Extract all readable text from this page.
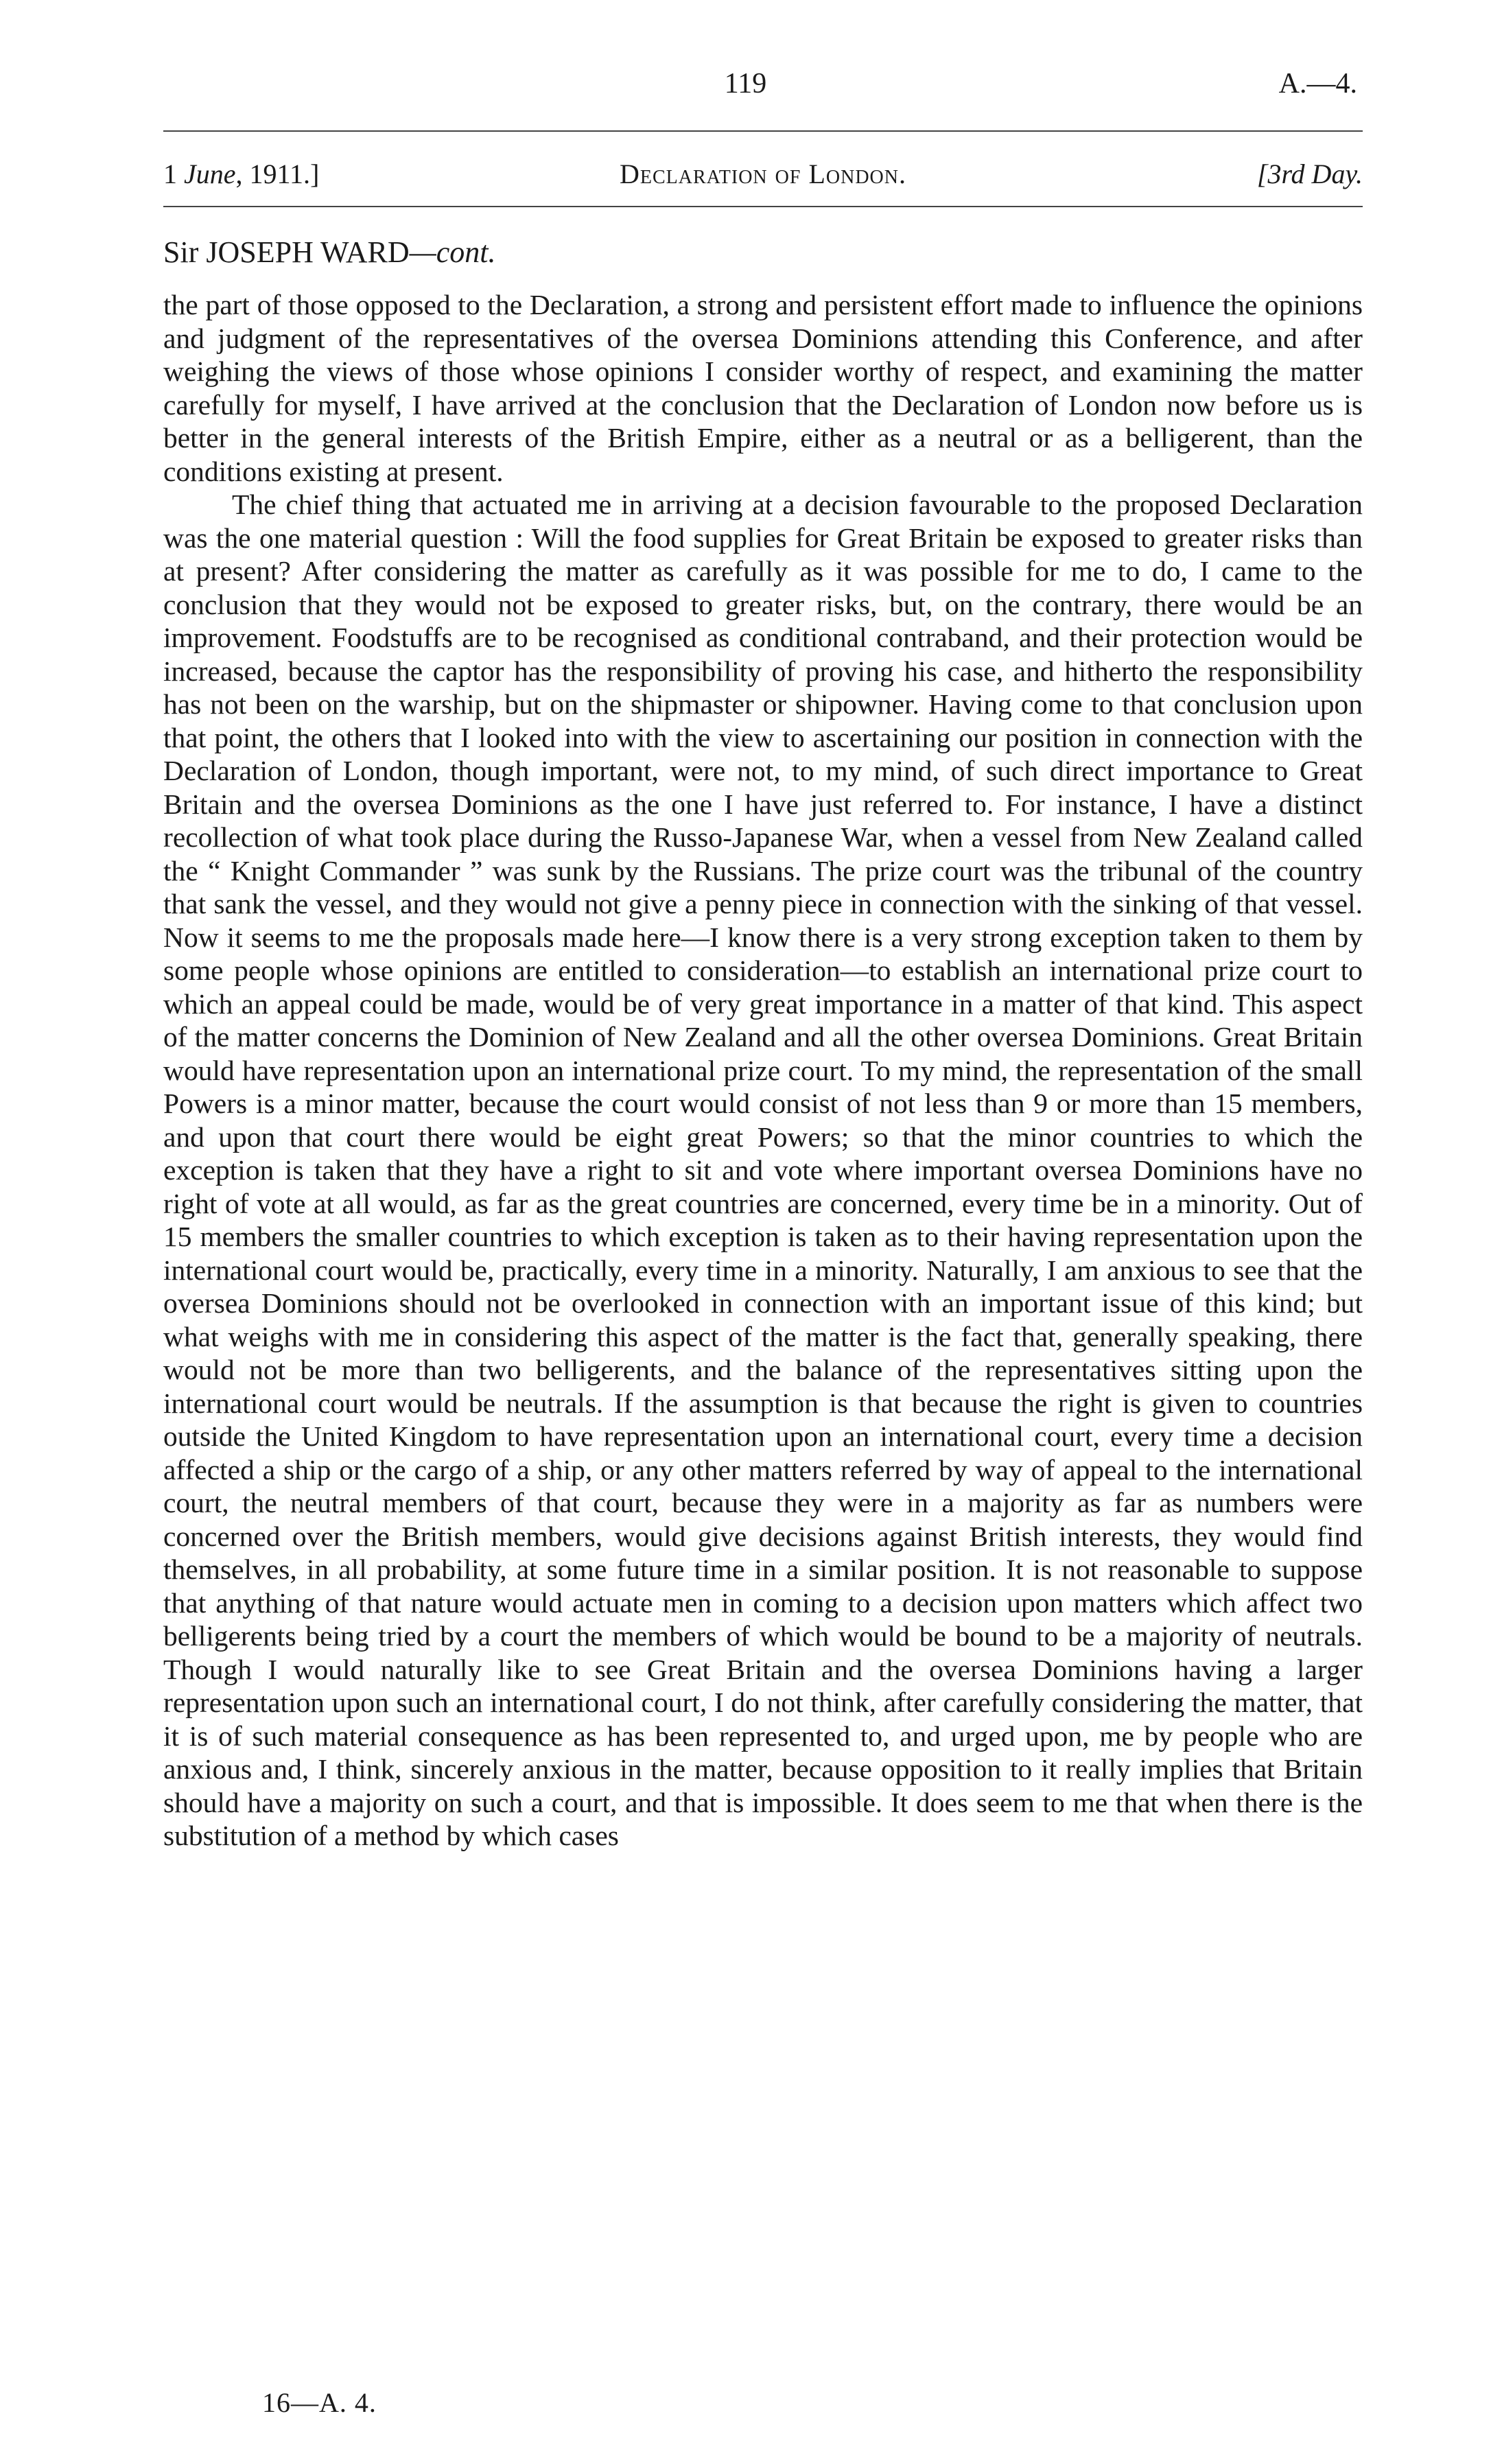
119	A.—4.
1 June, 1911.]	Declaration of London.	[3rd Day.
Sir JOSEPH WARD—cont.

the part of those opposed to the Declaration, a strong and persistent effort made to influence the opinions and judgment of the representatives of the oversea Dominions attending this Conference, and after weighing the views of those whose opinions I consider worthy of respect, and examining the matter carefully for myself, I have arrived at the conclusion that the Declaration of London now before us is better in the general interests of the British Empire, either as a neutral or as a belligerent, than the conditions existing at present.

The chief thing that actuated me in arriving at a decision favourable to the proposed Declaration was the one material question : Will the food supplies for Great Britain be exposed to greater risks than at present? After considering the matter as carefully as it was possible for me to do, I came to the conclusion that they would not be exposed to greater risks, but, on the contrary, there would be an improvement. Foodstuffs are to be recognised as conditional contraband, and their protection would be increased, because the captor has the responsibility of proving his case, and hitherto the responsibility has not been on the warship, but on the shipmaster or shipowner. Having come to that conclusion upon that point, the others that I looked into with the view to ascertaining our position in connection with the Declaration of London, though important, were not, to my mind, of such direct importance to Great Britain and the oversea Dominions as the one I have just referred to. For instance, I have a distinct recollection of what took place during the Russo-Japanese War, when a vessel from New Zealand called the “ Knight Commander ” was sunk by the Russians. The prize court was the tribunal of the country that sank the vessel, and they would not give a penny piece in connection with the sinking of that vessel. Now it seems to me the proposals made here—I know there is a very strong exception taken to them by some people whose opinions are entitled to consideration—to establish an international prize court to which an appeal could be made, would be of very great importance in a matter of that kind. This aspect of the matter concerns the Dominion of New Zealand and all the other oversea Dominions. Great Britain would have representation upon an international prize court. To my mind, the representation of the small Powers is a minor matter, because the court would consist of not less than 9 or more than 15 members, and upon that court there would be eight great Powers; so that the minor countries to which the exception is taken that they have a right to sit and vote where important oversea Dominions have no right of vote at all would, as far as the great countries are concerned, every time be in a minority. Out of 15 members the smaller countries to which exception is taken as to their having representation upon the international court would be, practically, every time in a minority. Naturally, I am anxious to see that the oversea Dominions should not be overlooked in connection with an important issue of this kind; but what weighs with me in considering this aspect of the matter is the fact that, generally speaking, there would not be more than two belligerents, and the balance of the representatives sitting upon the international court would be neutrals. If the assumption is that because the right is given to countries outside the United Kingdom to have representation upon an international court, every time a decision affected a ship or the cargo of a ship, or any other matters referred by way of appeal to the international court, the neutral members of that court, because they were in a majority as far as numbers were concerned over the British members, would give decisions against British interests, they would find themselves, in all probability, at some future time in a similar position. It is not reasonable to suppose that anything of that nature would actuate men in coming to a decision upon matters which affect two belligerents being tried by a court the members of which would be bound to be a majority of neutrals. Though I would naturally like to see Great Britain and the oversea Dominions having a larger representation upon such an international court, I do not think, after carefully considering the matter, that it is of such material consequence as has been represented to, and urged upon, me by people who are anxious and, I think, sincerely anxious in the matter, because opposition to it really implies that Britain should have a majority on such a court, and that is impossible. It does seem to me that when there is the substitution of a method by which cases

16—A. 4.
